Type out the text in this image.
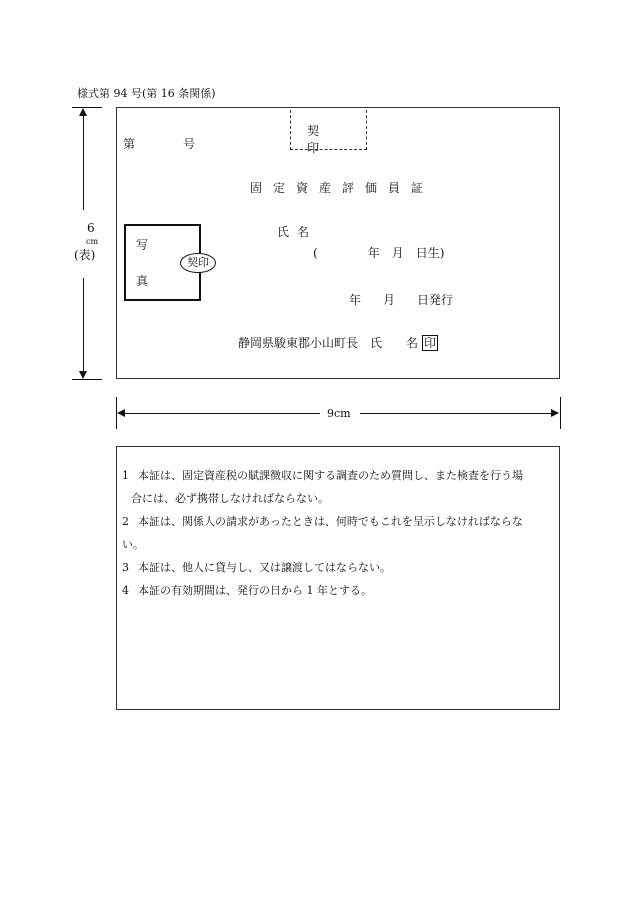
様式第 94 号(第 16 条関係)
6
cm
(表)
契印
第	号
固定資産評価員証
写
真
契印
氏名
(	年 月 日生)
年 月 日発行
静岡県駿東郡小山町長 氏 名 印
9cm
1 本証は、固定資産税の賦課徴収に関する調査のため質問し、また検査を行う場
合には、必ず携帯しなければならない。
2 本証は、関係人の請求があったときは、何時でもこれを呈示しなければならな
い。
3 本証は、他人に貸与し、又は譲渡してはならない。
4 本証の有効期間は、発行の日から 1 年とする。
